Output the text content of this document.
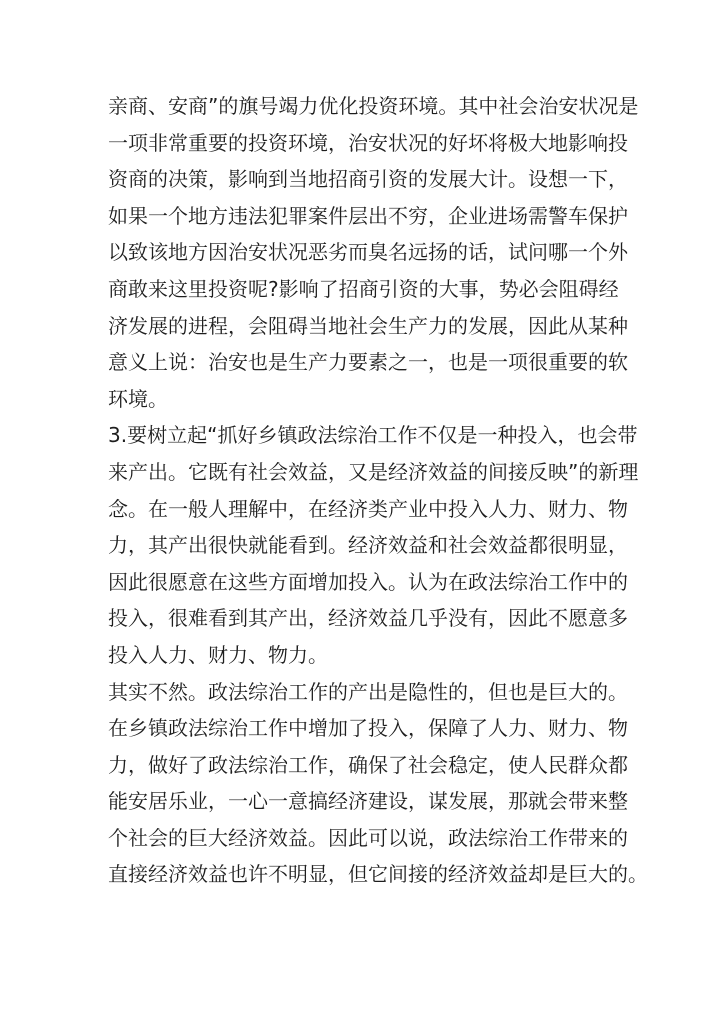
亲商、安商”的旗号竭力优化投资环境。其中社会治安状况是
一项非常重要的投资环境，治安状况的好坏将极大地影响投
资商的决策，影响到当地招商引资的发展大计。设想一下，
如果一个地方违法犯罪案件层出不穷，企业进场需警车保护
以致该地方因治安状况恶劣而臭名远扬的话，试问哪一个外
商敢来这里投资呢?影响了招商引资的大事，势必会阻碍经
济发展的进程，会阻碍当地社会生产力的发展，因此从某种
意义上说：治安也是生产力要素之一，也是一项很重要的软
环境。
3.要树立起“抓好乡镇政法综治工作不仅是一种投入，也会带
来产出。它既有社会效益，又是经济效益的间接反映”的新理
念。在一般人理解中，在经济类产业中投入人力、财力、物
力，其产出很快就能看到。经济效益和社会效益都很明显，
因此很愿意在这些方面增加投入。认为在政法综治工作中的
投入，很难看到其产出，经济效益几乎没有，因此不愿意多
投入人力、财力、物力。
其实不然。政法综治工作的产出是隐性的，但也是巨大的。
在乡镇政法综治工作中增加了投入，保障了人力、财力、物
力，做好了政法综治工作，确保了社会稳定，使人民群众都
能安居乐业，一心一意搞经济建设，谋发展，那就会带来整
个社会的巨大经济效益。因此可以说，政法综治工作带来的
直接经济效益也许不明显，但它间接的经济效益却是巨大的。
